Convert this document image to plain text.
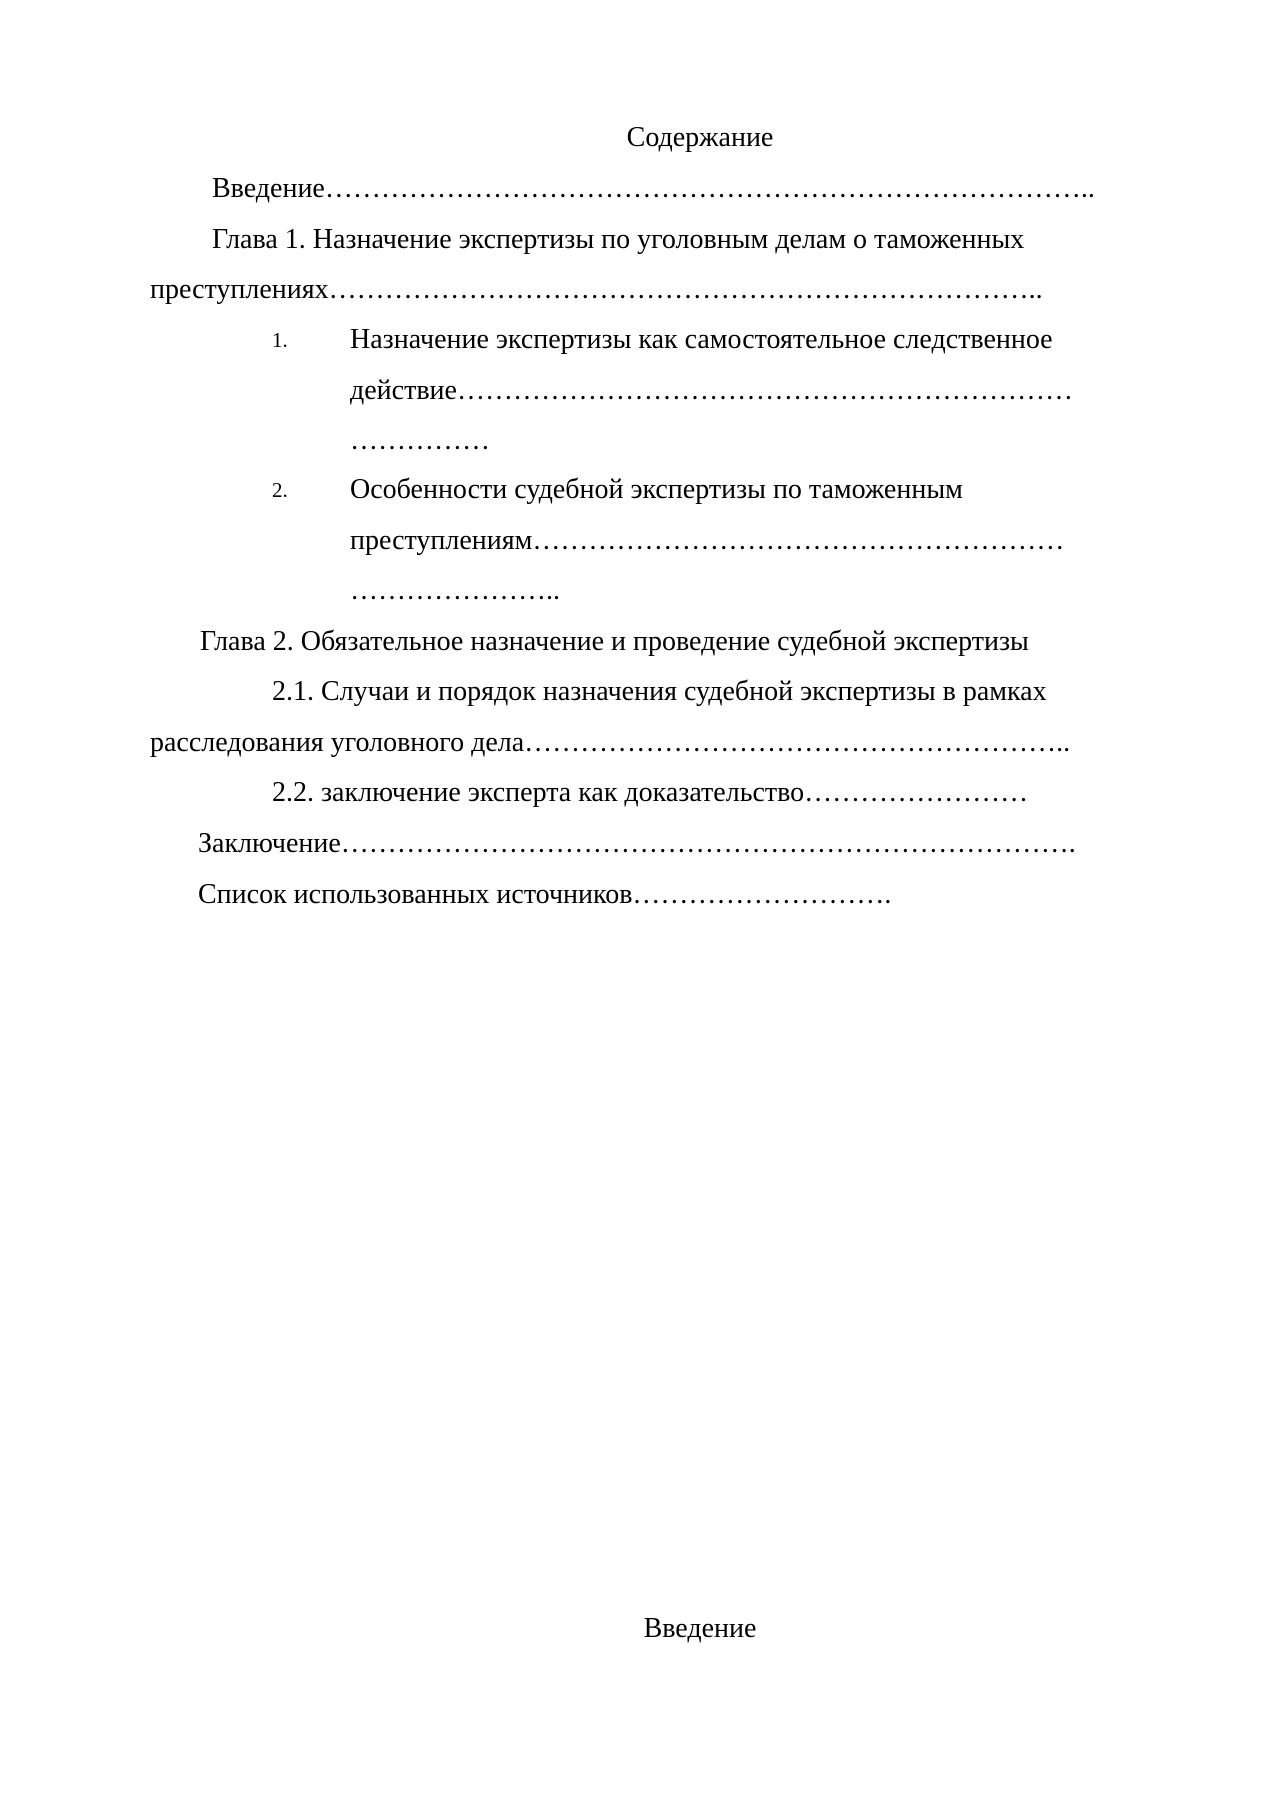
Содержание
Введение………………………………………………………………………..
Глава 1. Назначение экспертизы по уголовным делам о таможенных
преступлениях…………………………………………………………………..
1. Назначение экспертизы как самостоятельное следственное
действие…………………………………………………………
……………
2. Особенности судебной экспертизы по таможенным
преступлениям…………………………………………………
…………………..
Глава 2. Обязательное назначение и проведение судебной экспертизы
2.1. Случаи и порядок назначения судебной экспертизы в рамках
расследования уголовного дела…………………………………………………..
2.2. заключение эксперта как доказательство……………………
Заключение…………………………………………………………………….
Список использованных источников……………………….
Введение
